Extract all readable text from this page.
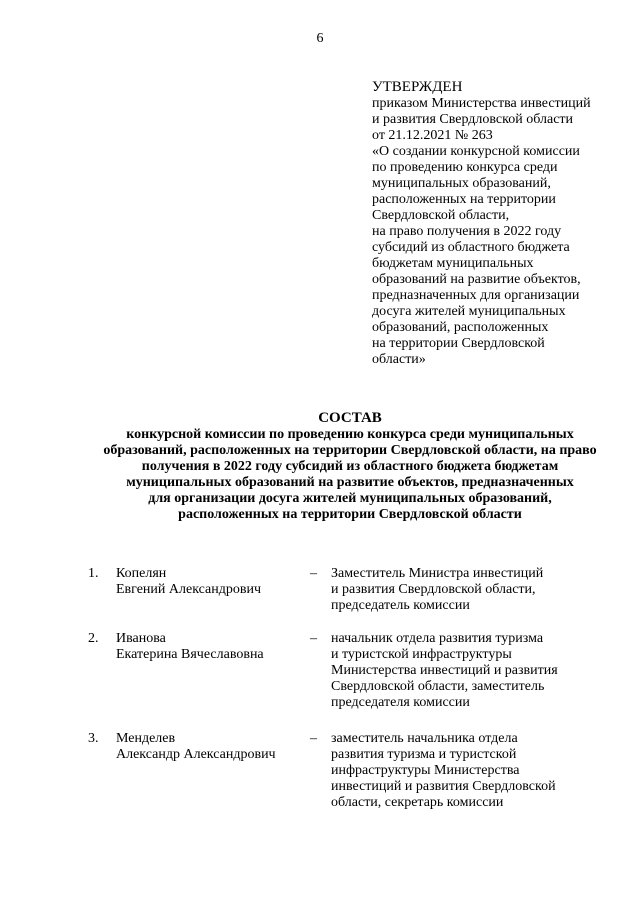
6
УТВЕРЖДЕН
приказом Министерства инвестиций
и развития Свердловской области
от 21.12.2021 № 263
«О создании конкурсной комиссии
по проведению конкурса среди
муниципальных образований,
расположенных на территории
Свердловской области,
на право получения в 2022 году
субсидий из областного бюджета
бюджетам муниципальных
образований на развитие объектов,
предназначенных для организации
досуга жителей муниципальных
образований, расположенных
на территории Свердловской
области»
СОСТАВ
конкурсной комиссии по проведению конкурса среди муниципальных
образований, расположенных на территории Свердловской области, на право
получения в 2022 году субсидий из областного бюджета бюджетам
муниципальных образований на развитие объектов, предназначенных
для организации досуга жителей муниципальных образований,
расположенных на территории Свердловской области
1. Копелян
Евгений Александрович
– Заместитель Министра инвестиций
и развития Свердловской области,
председатель комиссии
2. Иванова
Екатерина Вячеславовна
– начальник отдела развития туризма
и туристской инфраструктуры
Министерства инвестиций и развития
Свердловской области, заместитель
председателя комиссии
3. Менделев
Александр Александрович
– заместитель начальника отдела
развития туризма и туристской
инфраструктуры Министерства
инвестиций и развития Свердловской
области, секретарь комиссии
